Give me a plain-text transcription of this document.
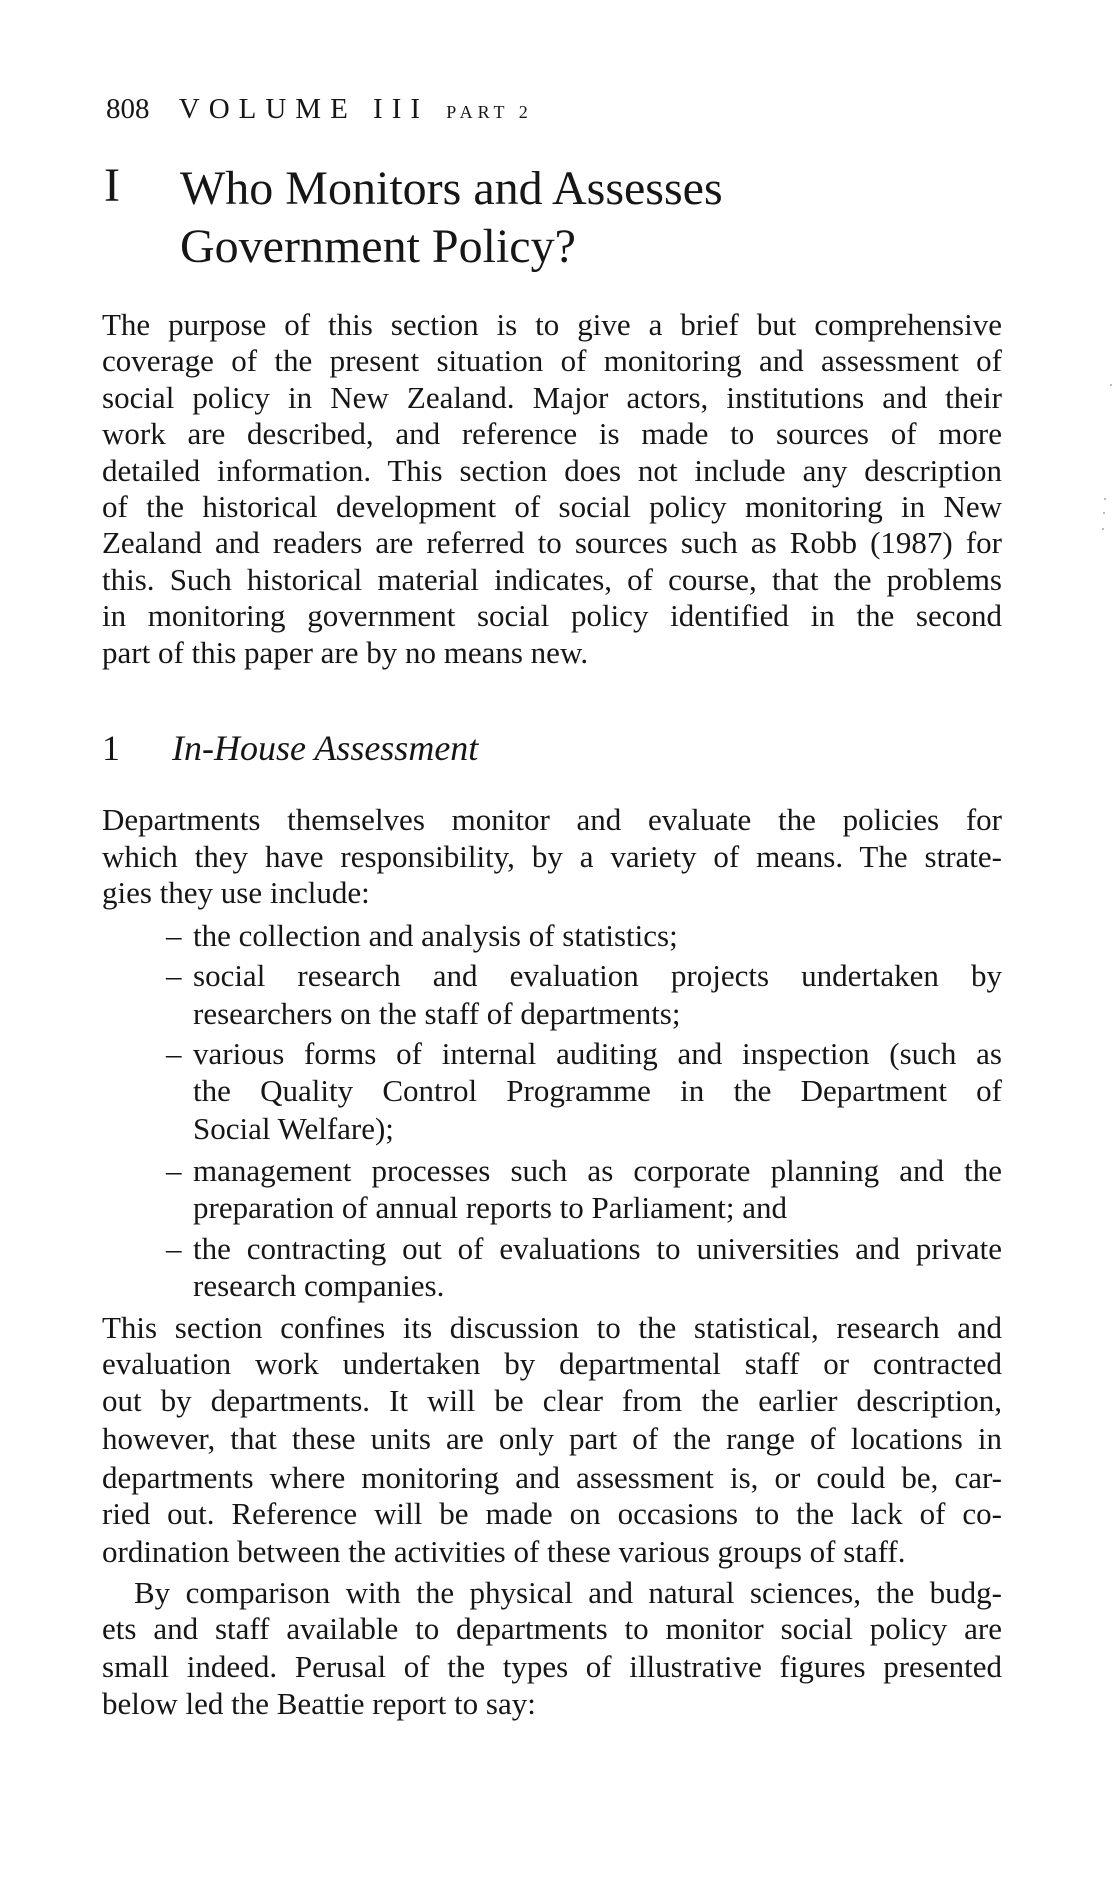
808 VOLUME III PART 2
I Who Monitors and Assesses
Government Policy?
The purpose of this section is to give a brief but comprehensive
coverage of the present situation of monitoring and assessment of
social policy in New Zealand. Major actors, institutions and their
work are described, and reference is made to sources of more
detailed information. This section does not include any description
of the historical development of social policy monitoring in New
Zealand and readers are referred to sources such as Robb (1987) for
this. Such historical material indicates, of course, that the problems
in monitoring government social policy identified in the second
part of this paper are by no means new.
1 In-House Assessment
Departments themselves monitor and evaluate the policies for
which they have responsibility, by a variety of means. The strate-
gies they use include:
– the collection and analysis of statistics;
– social research and evaluation projects undertaken by
researchers on the staff of departments;
– various forms of internal auditing and inspection (such as
the Quality Control Programme in the Department of
Social Welfare);
– management processes such as corporate planning and the
preparation of annual reports to Parliament; and
– the contracting out of evaluations to universities and private
research companies.
This section confines its discussion to the statistical, research and
evaluation work undertaken by departmental staff or contracted
out by departments. It will be clear from the earlier description,
however, that these units are only part of the range of locations in
departments where monitoring and assessment is, or could be, car-
ried out. Reference will be made on occasions to the lack of co-
ordination between the activities of these various groups of staff.
By comparison with the physical and natural sciences, the budg-
ets and staff available to departments to monitor social policy are
small indeed. Perusal of the types of illustrative figures presented
below led the Beattie report to say:
